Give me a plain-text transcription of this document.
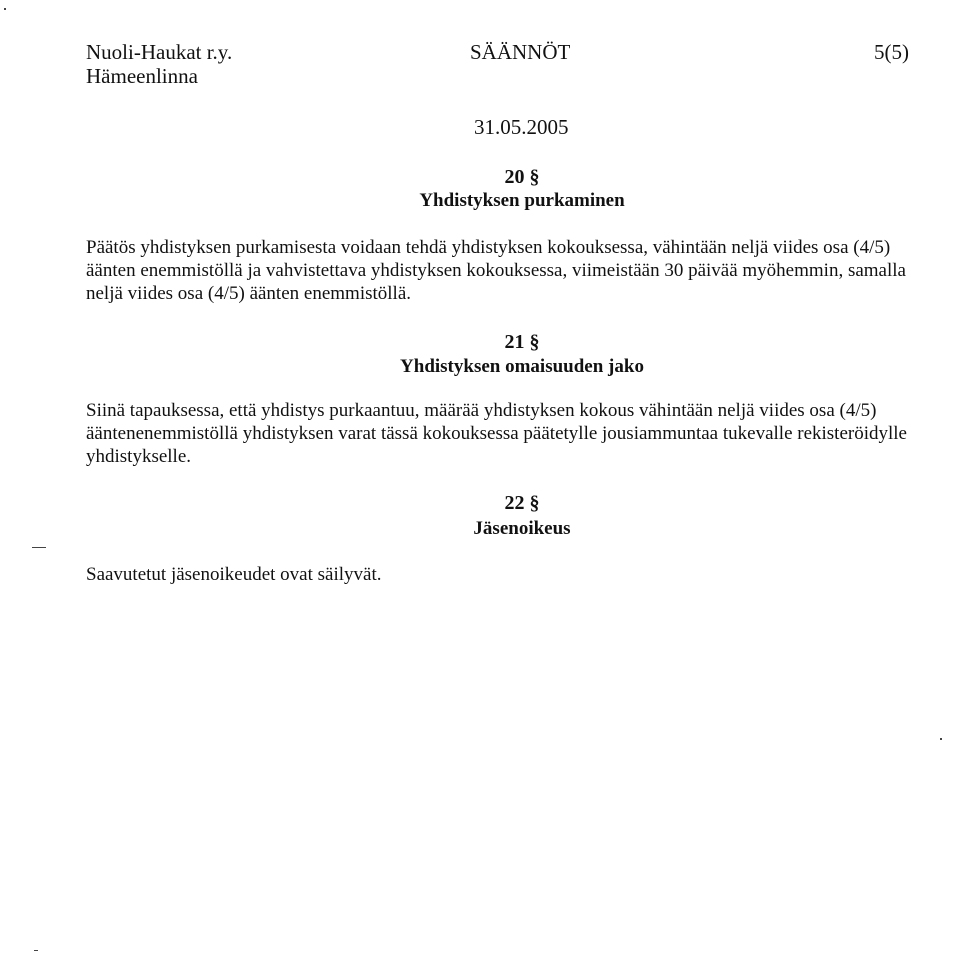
Nuoli-Haukat r.y.
Hämeenlinna
SÄÄNNÖT	5(5)
31.05.2005
20 §
Yhdistyksen purkaminen
Päätös yhdistyksen purkamisesta voidaan tehdä yhdistyksen kokouksessa, vähintään neljä viides osa (4/5)
äänten enemmistöllä ja vahvistettava yhdistyksen kokouksessa, viimeistään 30 päivää myöhemmin, samalla
neljä viides osa (4/5) äänten enemmistöllä.
21 §
Yhdistyksen omaisuuden jako
Siinä tapauksessa, että yhdistys purkaantuu, määrää yhdistyksen kokous vähintään neljä viides osa (4/5)
ääntenenemmistöllä yhdistyksen varat tässä kokouksessa päätetylle jousiammuntaa tukevalle rekisteröidylle
yhdistykselle.
22 §
Jäsenoikeus
Saavutetut jäsenoikeudet ovat säilyvät.
